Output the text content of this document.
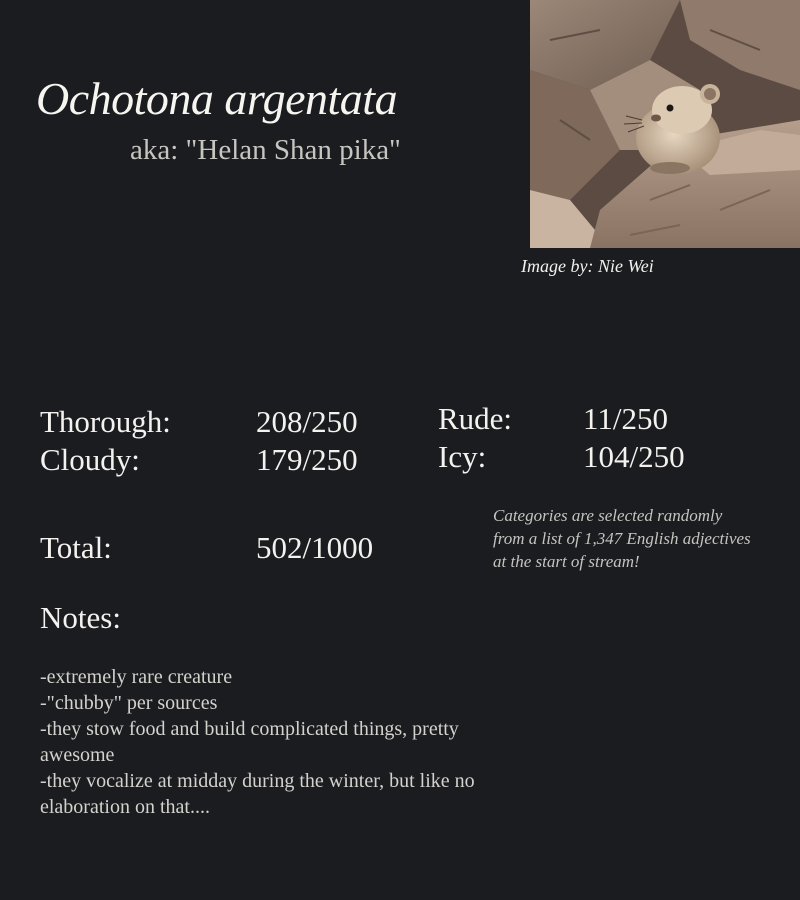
Ochotona argentata
aka: "Helan Shan pika"
Image by: Nie Wei
Thorough:	208/250
Cloudy:	179/250
Rude: 11/250
Icy:	104/250
Total:	502/1000
Categories are selected randomly from a list of 1,347 English adjectives at the start of stream!
Notes:
-extremely rare creature
-"chubby" per sources
-they stow food and build complicated things, pretty awesome
-they vocalize at midday during the winter, but like no elaboration on that....
